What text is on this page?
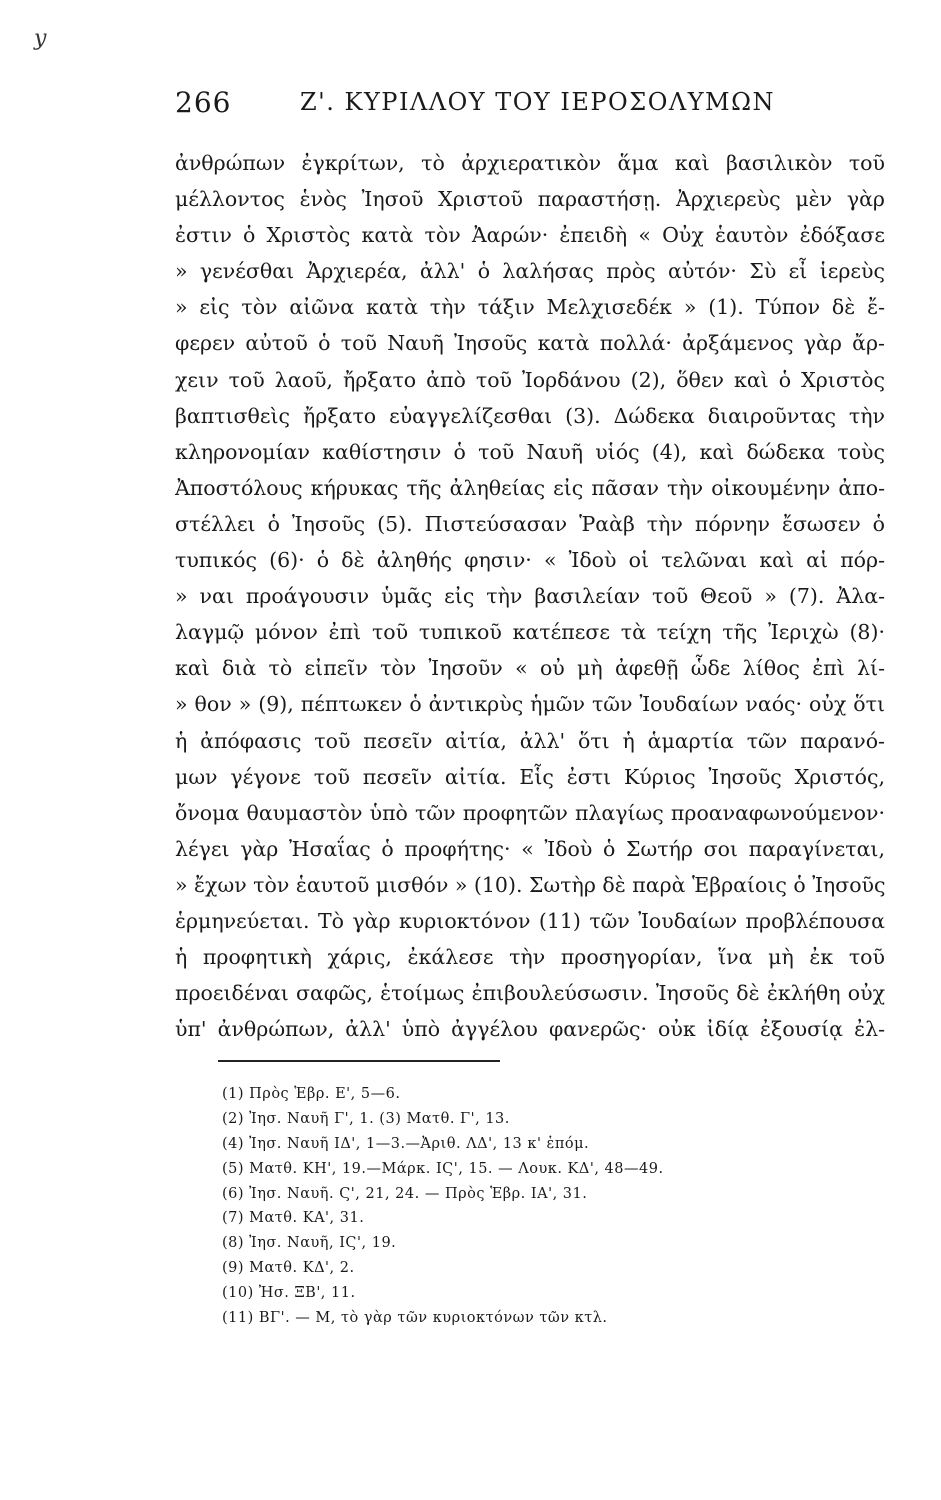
y
266	Ζ'. ΚΥΡΙΛΛΟΥ ΤΟΥ ΙΕΡΟΣΟΛΥΜΩΝ
ἀνθρώπων ἐγκρίτων, τὸ ἀρχιερατικὸν ἅμα καὶ βασιλικὸν τοῦ
μέλλοντος ἑνὸς Ἰησοῦ Χριστοῦ παραστήσῃ. Ἀρχιερεὺς μὲν γὰρ
ἐστιν ὁ Χριστὸς κατὰ τὸν Ἀαρών· ἐπειδὴ « Οὐχ ἑαυτὸν ἐδόξασε
» γενέσθαι Ἀρχιερέα, ἀλλ' ὁ λαλήσας πρὸς αὐτόν· Σὺ εἶ ἱερεὺς
» εἰς τὸν αἰῶνα κατὰ τὴν τάξιν Μελχισεδέκ » (1). Τύπον δὲ ἔ-
φερεν αὐτοῦ ὁ τοῦ Ναυῆ Ἰησοῦς κατὰ πολλά· ἀρξάμενος γὰρ ἄρ-
χειν τοῦ λαοῦ, ἤρξατο ἀπὸ τοῦ Ἰορδάνου (2), ὅθεν καὶ ὁ Χριστὸς
βαπτισθεὶς ἤρξατο εὐαγγελίζεσθαι (3). Δώδεκα διαιροῦντας τὴν
κληρονομίαν καθίστησιν ὁ τοῦ Ναυῆ υἱός (4), καὶ δώδεκα τοὺς
Ἀποστόλους κήρυκας τῆς ἀληθείας εἰς πᾶσαν τὴν οἰκουμένην ἀπο-
στέλλει ὁ Ἰησοῦς (5). Πιστεύσασαν Ῥαὰβ τὴν πόρνην ἔσωσεν ὁ
τυπικός (6)· ὁ δὲ ἀληθής φησιν· « Ἰδοὺ οἱ τελῶναι καὶ αἱ πόρ-
» ναι προάγουσιν ὑμᾶς εἰς τὴν βασιλείαν τοῦ Θεοῦ » (7). Ἀλα-
λαγμῷ μόνον ἐπὶ τοῦ τυπικοῦ κατέπεσε τὰ τείχη τῆς Ἰεριχὼ (8)·
καὶ διὰ τὸ εἰπεῖν τὸν Ἰησοῦν « οὐ μὴ ἀφεθῇ ὧδε λίθος ἐπὶ λί-
» θον » (9), πέπτωκεν ὁ ἀντικρὺς ἡμῶν τῶν Ἰουδαίων ναός· οὐχ ὅτι
ἡ ἀπόφασις τοῦ πεσεῖν αἰτία, ἀλλ' ὅτι ἡ ἁμαρτία τῶν παρανό-
μων γέγονε τοῦ πεσεῖν αἰτία. Εἷς ἐστι Κύριος Ἰησοῦς Χριστός,
ὄνομα θαυμαστὸν ὑπὸ τῶν προφητῶν πλαγίως προαναφωνούμενον·
λέγει γὰρ Ἠσαΐας ὁ προφήτης· « Ἰδοὺ ὁ Σωτήρ σοι παραγίνεται,
» ἔχων τὸν ἑαυτοῦ μισθόν » (10). Σωτὴρ δὲ παρὰ Ἑβραίοις ὁ Ἰησοῦς
ἑρμηνεύεται. Τὸ γὰρ κυριοκτόνον (11) τῶν Ἰουδαίων προβλέπουσα
ἡ προφητικὴ χάρις, ἐκάλεσε τὴν προσηγορίαν, ἵνα μὴ ἐκ τοῦ
προειδέναι σαφῶς, ἑτοίμως ἐπιβουλεύσωσιν. Ἰησοῦς δὲ ἐκλήθη οὐχ
ὑπ' ἀνθρώπων, ἀλλ' ὑπὸ ἀγγέλου φανερῶς· οὐκ ἰδίᾳ ἐξουσίᾳ ἐλ-
(1) Πρὸς Ἑβρ. Ε', 5—6.
(2) Ἰησ. Ναυῆ Γ', 1. (3) Ματθ. Γ', 13.
(4) Ἰησ. Ναυῆ ΙΔ', 1—3.—Ἀριθ. ΛΔ', 13 κ' ἑπόμ.
(5) Ματθ. ΚΗ', 19.—Μάρκ. ΙϚ', 15. — Λουκ. ΚΔ', 48—49.
(6) Ἰησ. Ναυῆ. Ϛ', 21, 24. — Πρὸς Ἑβρ. ΙΑ', 31.
(7) Ματθ. ΚΑ', 31.
(8) Ἰησ. Ναυῆ, ΙϚ', 19.
(9) Ματθ. ΚΔ', 2.
(10) Ἠσ. ΞΒ', 11.
(11) ΒΓ'. — Μ, τὸ γὰρ τῶν κυριοκτόνων τῶν κτλ.
